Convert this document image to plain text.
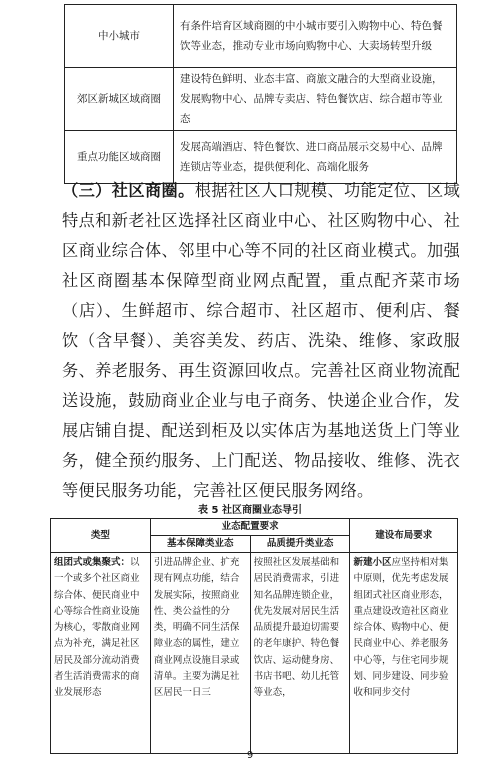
中小城市	有条件培育区域商圈的中小城市要引入购物中心、特色餐饮等业态，推动专业市场向购物中心、大卖场转型升级
郊区新城区域商圈	建设特色鲜明、业态丰富、商旅文融合的大型商业设施，发展购物中心、品牌专卖店、特色餐饮店、综合超市等业态
重点功能区域商圈	发展高端酒店、特色餐饮、进口商品展示交易中心、品牌连锁店等业态，提供便利化、高端化服务

（三）社区商圈。根据社区人口规模、功能定位、区域特点和新老社区选择社区商业中心、社区购物中心、社区商业综合体、邻里中心等不同的社区商业模式。加强社区商圈基本保障型商业网点配置，重点配齐菜市场（店）、生鲜超市、综合超市、社区超市、便利店、餐饮（含早餐）、美容美发、药店、洗染、维修、家政服务、养老服务、再生资源回收点。完善社区商业物流配送设施，鼓励商业企业与电子商务、快递企业合作，发展店铺自提、配送到柜及以实体店为基地送货上门等业务，健全预约服务、上门配送、物品接收、维修、洗衣等便民服务功能，完善社区便民服务网络。

表 5 社区商圈业态导引
类型	业态配置要求		建设布局要求
	基本保障类业态	品质提升类业态	
组团式或集聚式：以一个或多个社区商业综合体、便民商业中心等综合性商业设施为核心，零散商业网点为补充，满足社区居民及部分流动消费者生活消费需求的商业发展形态	引进品牌企业、扩充现有网点功能，结合发展实际，按照商业性、类公益性的分类，明确不同生活保障业态的属性，建立商业网点设施目录或清单。主要为满足社区居民一日三	按照社区发展基础和居民消费需求，引进知名品牌连锁企业，优先发展对居民生活品质提升最迫切需要的老年康护、特色餐饮店、运动健身房、书店书吧、幼儿托管等业态，	新建小区应坚持相对集中原则，优先考虑发展组团式社区商业形态，重点建设改造社区商业综合体、购物中心、便民商业中心、养老服务中心等，与住宅同步规划、同步建设、同步验收和同步交付
9
